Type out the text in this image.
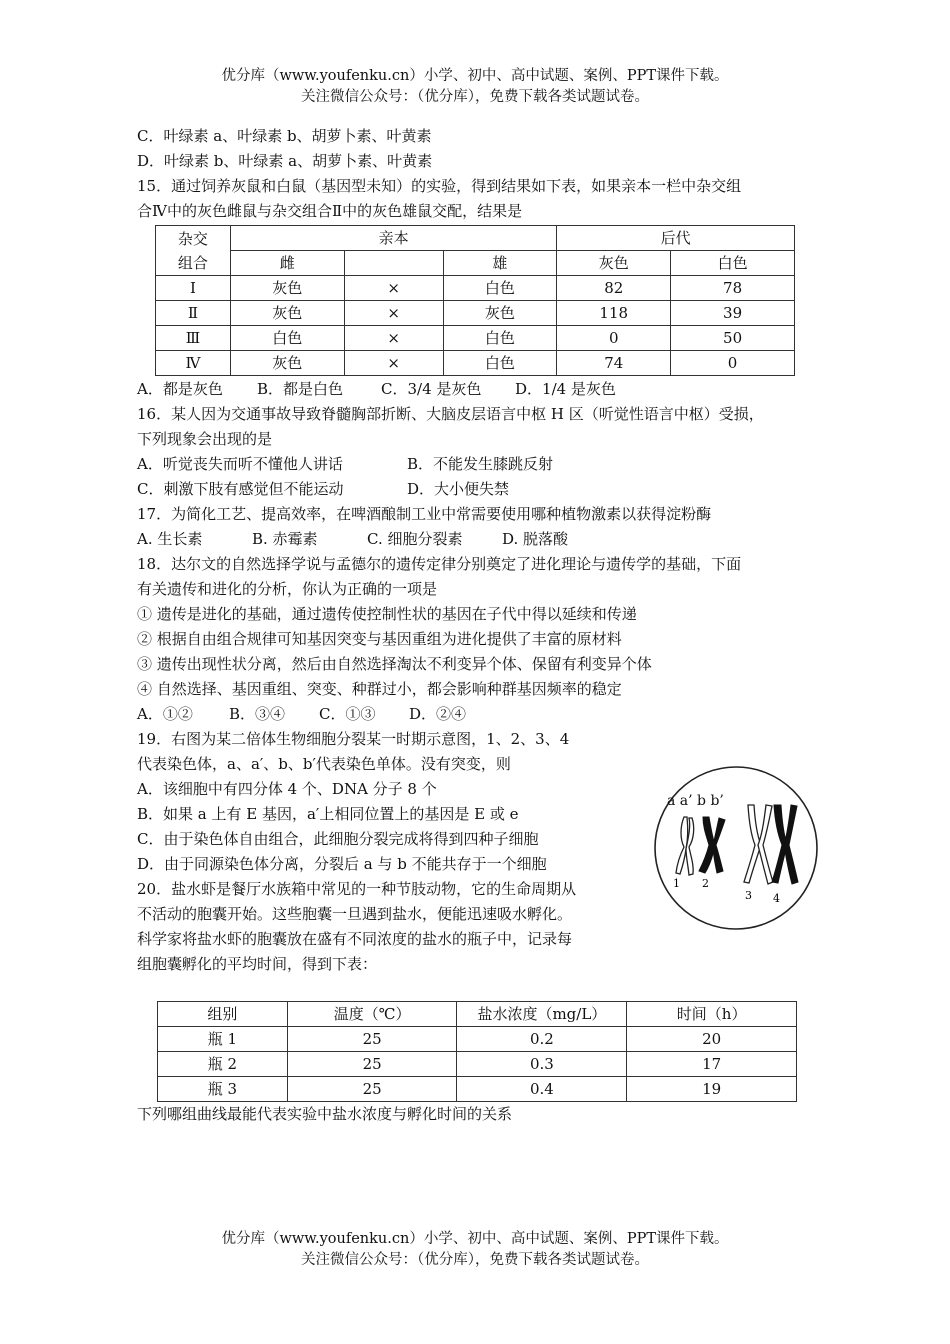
优分库（www.youfenku.cn）小学、初中、高中试题、案例、PPT课件下载。
关注微信公众号：（优分库），免费下载各类试题试卷。
C．叶绿素 a、叶绿素 b、胡萝卜素、叶黄素
D．叶绿素 b、叶绿素 a、胡萝卜素、叶黄素
15．通过饲养灰鼠和白鼠（基因型未知）的实验，得到结果如下表，如果亲本一栏中杂交组
合Ⅳ中的灰色雌鼠与杂交组合Ⅱ中的灰色雄鼠交配，结果是
杂交
组合	亲本			后代	
	雌		雄	灰色	白色
Ⅰ	灰色	×	白色	82	78
Ⅱ	灰色	×	灰色	118	39
Ⅲ	白色	×	白色	0	50
Ⅳ	灰色	×	白色	74	0
A．都是灰色 B．都是白色	C．3/4 是灰色 D．1/4 是灰色
16．某人因为交通事故导致脊髓胸部折断、大脑皮层语言中枢 H 区（听觉性语言中枢）受损，
下列现象会出现的是
A．听觉丧失而听不懂他人讲话	B．不能发生膝跳反射
C．刺激下肢有感觉但不能运动	D．大小便失禁
17．为简化工艺、提高效率，在啤酒酿制工业中常需要使用哪种植物激素以获得淀粉酶
A. 生长素	B. 赤霉素	C. 细胞分裂素	D. 脱落酸
18．达尔文的自然选择学说与孟德尔的遗传定律分别奠定了进化理论与遗传学的基础，下面
有关遗传和进化的分析，你认为正确的一项是
① 遗传是进化的基础，通过遗传使控制性状的基因在子代中得以延续和传递
② 根据自由组合规律可知基因突变与基因重组为进化提供了丰富的原材料
③ 遗传出现性状分离，然后由自然选择淘汰不利变异个体、保留有利变异个体
④ 自然选择、基因重组、突变、种群过小，都会影响种群基因频率的稳定
A．①② B．③④ C．①③ D．②④
19．右图为某二倍体生物细胞分裂某一时期示意图，1、2、3、4
代表染色体，a、a′、b、b′代表染色单体。没有突变，则
A．该细胞中有四分体 4 个、DNA 分子 8 个
B．如果 a 上有 E 基因，a′上相同位置上的基因是 E 或 e
C．由于染色体自由组合，此细胞分裂完成将得到四种子细胞
D．由于同源染色体分离，分裂后 a 与 b 不能共存于一个细胞
20．盐水虾是餐厅水族箱中常见的一种节肢动物，它的生命周期从
不活动的胞囊开始。这些胞囊一旦遇到盐水，便能迅速吸水孵化。
科学家将盐水虾的胞囊放在盛有不同浓度的盐水的瓶子中，记录每
组胞囊孵化的平均时间，得到下表：
组别	温度（℃）	盐水浓度（mg/L）	时间（h）
瓶 1	25	0.2	20
瓶 2	25	0.3	17
瓶 3	25	0.4	19
下列哪组曲线最能代表实验中盐水浓度与孵化时间的关系
1 2
3 4
a a’ b b’
优分库（www.youfenku.cn）小学、初中、高中试题、案例、PPT课件下载。
关注微信公众号：（优分库），免费下载各类试题试卷。
